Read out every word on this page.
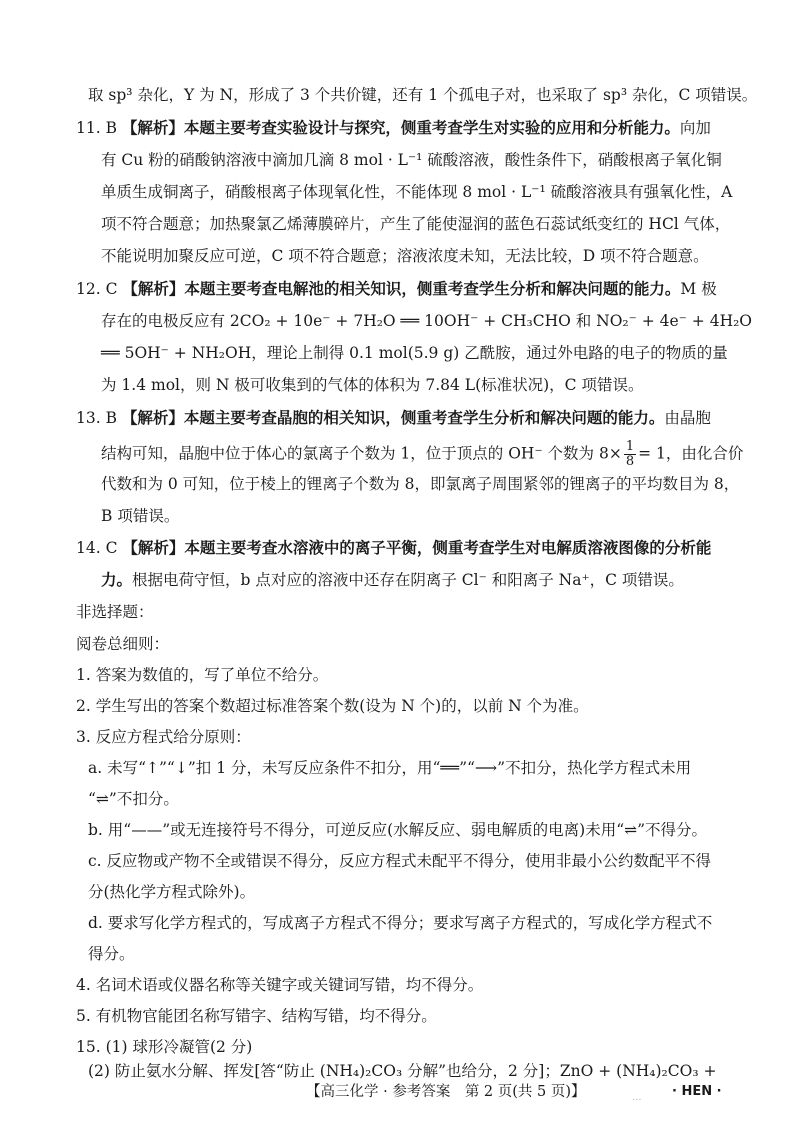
取 sp³ 杂化，Y 为 N，形成了 3 个共价键，还有 1 个孤电子对，也采取了 sp³ 杂化，C 项错误。
11. B 【解析】本题主要考查实验设计与探究，侧重考查学生对实验的应用和分析能力。向加
有 Cu 粉的硝酸钠溶液中滴加几滴 8 mol · L⁻¹ 硫酸溶液，酸性条件下，硝酸根离子氧化铜
单质生成铜离子，硝酸根离子体现氧化性，不能体现 8 mol · L⁻¹ 硫酸溶液具有强氧化性，A
项不符合题意；加热聚氯乙烯薄膜碎片，产生了能使湿润的蓝色石蕊试纸变红的 HCl 气体，
不能说明加聚反应可逆，C 项不符合题意；溶液浓度未知，无法比较，D 项不符合题意。
12. C 【解析】本题主要考查电解池的相关知识，侧重考查学生分析和解决问题的能力。M 极
存在的电极反应有 2CO₂ + 10e⁻ + 7H₂O ══ 10OH⁻ + CH₃CHO 和 NO₂⁻ + 4e⁻ + 4H₂O
══ 5OH⁻ + NH₂OH，理论上制得 0.1 mol(5.9 g) 乙酰胺，通过外电路的电子的物质的量
为 1.4 mol，则 N 极可收集到的气体的体积为 7.84 L(标准状况)，C 项错误。
13. B 【解析】本题主要考查晶胞的相关知识，侧重考查学生分析和解决问题的能力。由晶胞
结构可知，晶胞中位于体心的氯离子个数为 1，位于顶点的 OH⁻ 个数为 $8\times \frac{1}{8} = 1$，由化合价
代数和为 0 可知，位于棱上的锂离子个数为 8，即氯离子周围紧邻的锂离子的平均数目为 8，
B 项错误。
14. C 【解析】本题主要考查水溶液中的离子平衡，侧重考查学生对电解质溶液图像的分析能
力。根据电荷守恒，b 点对应的溶液中还存在阴离子 Cl⁻ 和阳离子 Na⁺，C 项错误。
非选择题：
阅卷总细则：
1. 答案为数值的，写了单位不给分。
2. 学生写出的答案个数超过标准答案个数(设为 N 个)的，以前 N 个为准。
3. 反应方程式给分原则：
a. 未写“↑”“↓”扣 1 分，未写反应条件不扣分，用“══”“⟶”不扣分，热化学方程式未用
“⇌”不扣分。
b. 用“——”或无连接符号不得分，可逆反应(水解反应、弱电解质的电离)未用“⇌”不得分。
c. 反应物或产物不全或错误不得分，反应方程式未配平不得分，使用非最小公约数配平不得
分(热化学方程式除外)。
d. 要求写化学方程式的，写成离子方程式不得分；要求写离子方程式的，写成化学方程式不
得分。
4. 名词术语或仪器名称等关键字或关键词写错，均不得分。
5. 有机物官能团名称写错字、结构写错，均不得分。
15. (1) 球形冷凝管(2 分)
(2) 防止氨水分解、挥发[答“防止 (NH₄)₂CO₃ 分解”也给分，2 分]；ZnO + (NH₄)₂CO₃ +
【高三化学 · 参考答案　第 2 页(共 5 页)】	... · HEN ·
